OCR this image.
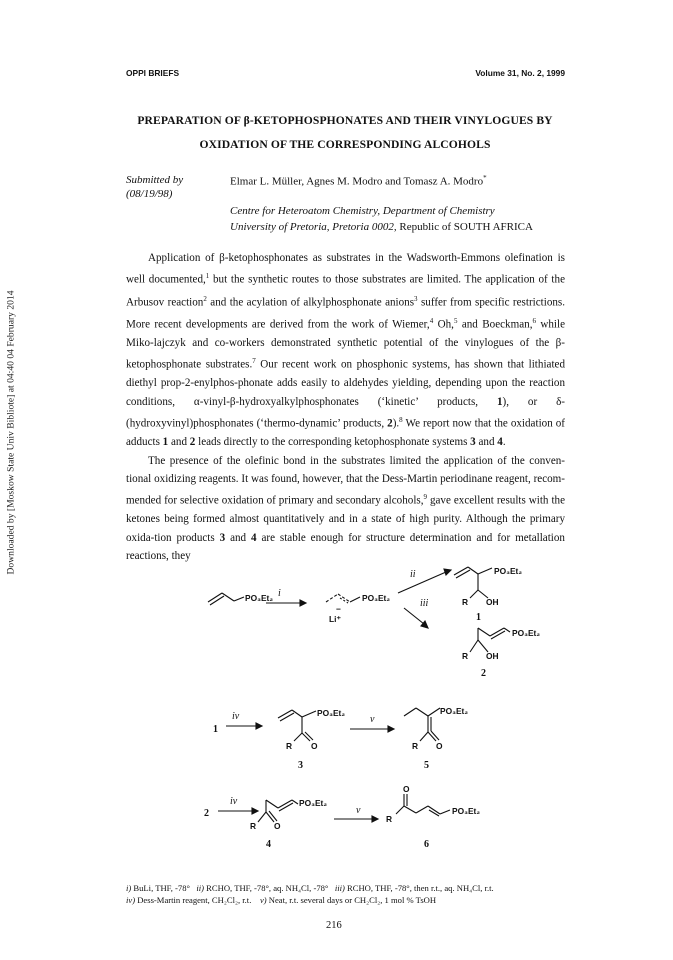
Downloaded by [Moskow State Univ Bibliote] at 04:40 04 February 2014
OPPI BRIEFS	Volume 31, No. 2, 1999
PREPARATION OF β-KETOPHOSPHONATES AND THEIR VINYLOGUES BY
OXIDATION OF THE CORRESPONDING ALCOHOLS
Submitted by
(08/19/98)
Elmar L. Müller, Agnes M. Modro and Tomasz A. Modro*
Centre for Heteroatom Chemistry, Department of Chemistry
University of Pretoria, Pretoria 0002, Republic of SOUTH AFRICA

Application of β-ketophosphonates as substrates in the Wadsworth-Emmons olefination is well documented,$^1$ but the synthetic routes to those substrates are limited. The application of the Arbusov reaction$^2$ and the acylation of alkylphosphonate anions$^3$ suffer from specific restrictions. More recent developments are derived from the work of Wiemer,$^4$ Oh,$^5$ and Boeckman,$^6$ while Miko-lajczyk and co-workers demonstrated synthetic potential of the vinylogues of the β-ketophosphonate substrates.$^7$ Our recent work on phosphonic systems, has shown that lithiated diethyl prop-2-enylphos-phonate adds easily to aldehydes yielding, depending upon the reaction conditions, α-vinyl-β-hydroxyalkylphosphonates (‘kinetic’ products, 1), or δ-(hydroxyvinyl)phosphonates (‘thermo-dynamic’ products, 2).$^8$ We report now that the oxidation of adducts 1 and 2 leads directly to the corresponding ketophosphonate systems 3 and 4.

The presence of the olefinic bond in the substrates limited the application of the conven-tional oxidizing reagents. It was found, however, that the Dess-Martin periodinane reagent, recom-mended for selective oxidation of primary and secondary alcohols,$^9$ gave excellent results with the ketones being formed almost quantitatively and in a state of high purity. Although the primary oxida-tion products 3 and 4 are stable enough for structure determination and for metallation reactions, they

PO₃Et₂ i	PO₃Et₂
−
Li⁺
ii
iii
PO₃Et₂
R OH
1
PO₃Et₂
R OH
2
1
iv	PO₃Et₂
R O
3
v
PO₃Et₂
R O
5
2
iv	PO₃Et₂
R O
4
v
O
R
PO₃Et₂
6
i) BuLi, THF, -78°   ii) RCHO, THF, -78°, aq. NH₄Cl, -78°   iii) RCHO, THF, -78°, then r.t., aq. NH₄Cl, r.t.
iv) Dess-Martin reagent, CH₂Cl₂, r.t.    v) Neat, r.t. several days or CH₂Cl₂, 1 mol % TsOH
216
